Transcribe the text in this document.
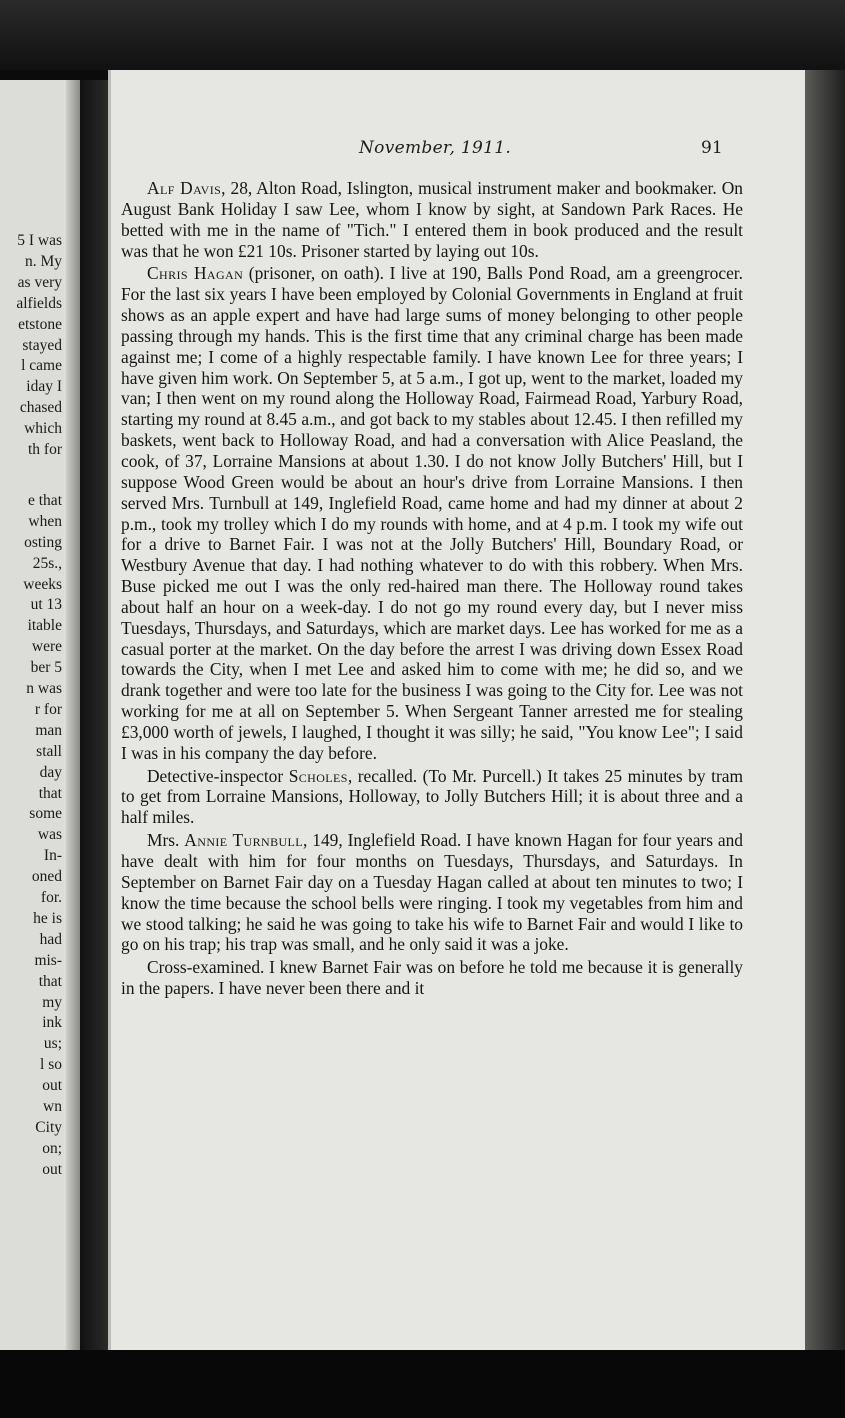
5 I was
n. My
as very
alfields
etstone
stayed
l came
iday I
chased
which
th for
e that
when
osting
25s.,
weeks
ut 13
itable
were
ber 5
n was
r for
man
stall
day
that
some
was
In-
oned
for.
he is
had
mis-
that
my
ink
us;
l so
out
wn
City
on;
out
November, 1911.	91

Alf Davis, 28, Alton Road, Islington, musical instrument maker and bookmaker. On August Bank Holiday I saw Lee, whom I know by sight, at Sandown Park Races. He betted with me in the name of "Tich." I entered them in book produced and the result was that he won £21 10s. Prisoner started by laying out 10s.

Chris Hagan (prisoner, on oath). I live at 190, Balls Pond Road, am a greengrocer. For the last six years I have been employed by Colonial Governments in England at fruit shows as an apple expert and have had large sums of money belonging to other people passing through my hands. This is the first time that any criminal charge has been made against me; I come of a highly respectable family. I have known Lee for three years; I have given him work. On September 5, at 5 a.m., I got up, went to the market, loaded my van; I then went on my round along the Holloway Road, Fairmead Road, Yarbury Road, starting my round at 8.45 a.m., and got back to my stables about 12.45. I then refilled my baskets, went back to Holloway Road, and had a conversation with Alice Peasland, the cook, of 37, Lorraine Mansions at about 1.30. I do not know Jolly Butchers' Hill, but I suppose Wood Green would be about an hour's drive from Lorraine Mansions. I then served Mrs. Turnbull at 149, Inglefield Road, came home and had my dinner at about 2 p.m., took my trolley which I do my rounds with home, and at 4 p.m. I took my wife out for a drive to Barnet Fair. I was not at the Jolly Butchers' Hill, Boundary Road, or Westbury Avenue that day. I had nothing whatever to do with this robbery. When Mrs. Buse picked me out I was the only red-haired man there. The Holloway round takes about half an hour on a week-day. I do not go my round every day, but I never miss Tuesdays, Thursdays, and Saturdays, which are market days. Lee has worked for me as a casual porter at the market. On the day before the arrest I was driving down Essex Road towards the City, when I met Lee and asked him to come with me; he did so, and we drank together and were too late for the business I was going to the City for. Lee was not working for me at all on September 5. When Sergeant Tanner arrested me for stealing £3,000 worth of jewels, I laughed, I thought it was silly; he said, "You know Lee"; I said I was in his company the day before.

Detective-inspector Scholes, recalled. (To Mr. Purcell.) It takes 25 minutes by tram to get from Lorraine Mansions, Holloway, to Jolly Butchers Hill; it is about three and a half miles.

Mrs. Annie Turnbull, 149, Inglefield Road. I have known Hagan for four years and have dealt with him for four months on Tuesdays, Thursdays, and Saturdays. In September on Barnet Fair day on a Tuesday Hagan called at about ten minutes to two; I know the time because the school bells were ringing. I took my vegetables from him and we stood talking; he said he was going to take his wife to Barnet Fair and would I like to go on his trap; his trap was small, and he only said it was a joke.

Cross-examined. I knew Barnet Fair was on before he told me because it is generally in the papers. I have never been there and it
